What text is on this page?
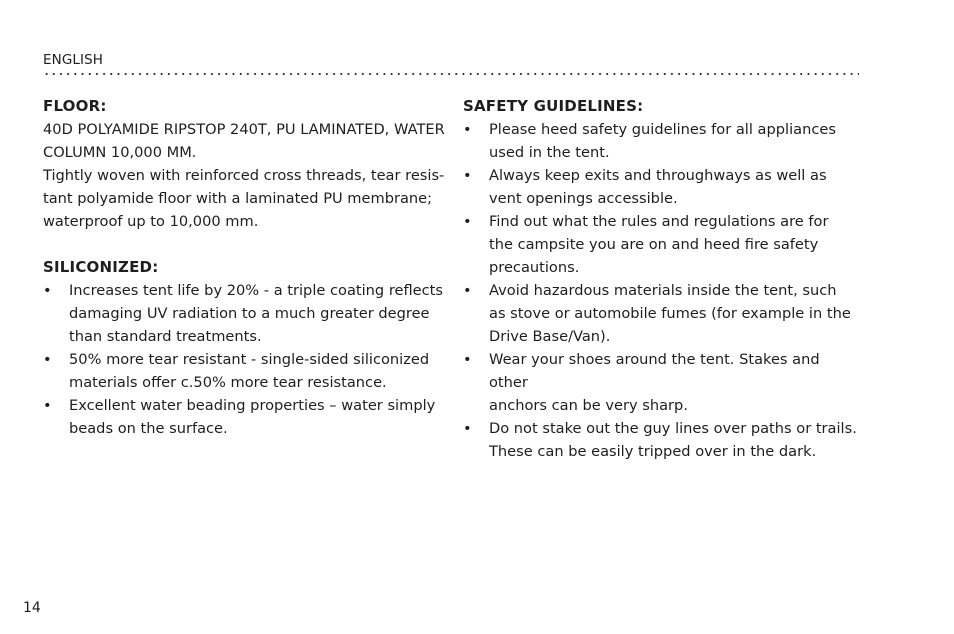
ENGLISH
FLOOR:
40D POLYAMIDE RIPSTOP 240T, PU LAMINATED, WATER
COLUMN 10,000 MM.
Tightly woven with reinforced cross threads, tear resis-
tant polyamide floor with a laminated PU membrane;
waterproof up to 10,000 mm.
SILICONIZED:
• Increases tent life by 20% - a triple coating reflects
damaging UV radiation to a much greater degree
than standard treatments.
• 50% more tear resistant - single-sided siliconized
materials offer c.50% more tear resistance.
• Excellent water beading properties – water simply
beads on the surface.
SAFETY GUIDELINES:
• Please heed safety guidelines for all appliances
used in the tent.
• Always keep exits and throughways as well as
vent openings accessible.
• Find out what the rules and regulations are for
the campsite you are on and heed fire safety
precautions.
• Avoid hazardous materials inside the tent, such
as stove or automobile fumes (for example in the
Drive Base/Van).
• Wear your shoes around the tent. Stakes and other
anchors can be very sharp.
• Do not stake out the guy lines over paths or trails.
These can be easily tripped over in the dark.
14
